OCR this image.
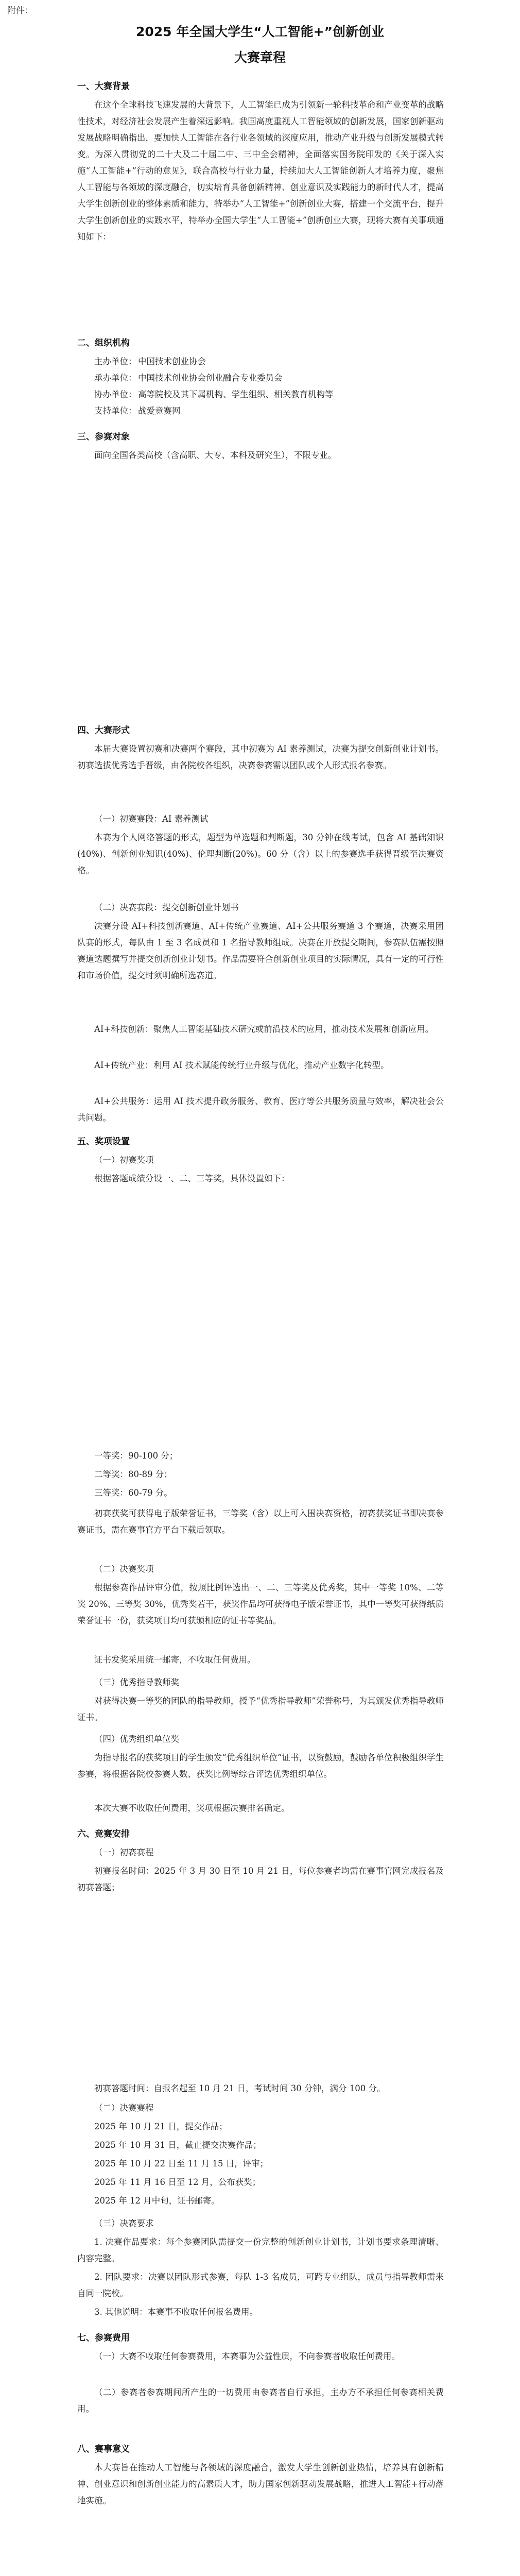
附件：
2025 年全国大学生“人工智能+”创新创业
大赛章程
一、大赛背景

在这个全球科技飞速发展的大背景下，人工智能已成为引领新一轮科技革命和产业变革的战略性技术，对经济社会发展产生着深远影响。我国高度重视人工智能领域的创新发展，国家创新驱动发展战略明确指出，要加快人工智能在各行业各领域的深度应用，推动产业升级与创新发展模式转变。为深入贯彻党的二十大及二十届二中、三中全会精神，全面落实国务院印发的《关于深入实施“人工智能+”行动的意见》，联合高校与行业力量，持续加大人工智能创新人才培养力度，聚焦人工智能与各领域的深度融合，切实培育具备创新精神、创业意识及实践能力的新时代人才，提高大学生创新创业的整体素质和能力，特举办“人工智能+”创新创业大赛，搭建一个交流平台，提升大学生创新创业的实践水平，特举办全国大学生“人工智能+”创新创业大赛，现将大赛有关事项通知如下：

二、组织机构
主办单位： 中国技术创业协会
承办单位： 中国技术创业协会创业融合专业委员会
协办单位： 高等院校及其下属机构、学生组织、相关教育机构等
支持单位： 战爱竞赛网
三、参赛对象

面向全国各类高校（含高职、大专、本科及研究生），不限专业。

四、大赛形式

本届大赛设置初赛和决赛两个赛段，其中初赛为 AI 素养测试，决赛为提交创新创业计划书。初赛选拔优秀选手晋级，由各院校各组织，决赛参赛需以团队或个人形式报名参赛。

（一）初赛赛段：AI 素养测试

本赛为个人网络答题的形式，题型为单选题和判断题，30 分钟在线考试，包含 AI 基础知识(40%)、创新创业知识(40%)、伦理判断(20%)。60 分（含）以上的参赛选手获得晋级至决赛资格。

（二）决赛赛段：提交创新创业计划书

决赛分设 AI+科技创新赛道、AI+传统产业赛道、AI+公共服务赛道 3 个赛道，决赛采用团队赛的形式，每队由 1 至 3 名成员和 1 名指导教师组成。决赛在开放提交期间，参赛队伍需按照赛道选题撰写并提交创新创业计划书。作品需要符合创新创业项目的实际情况，具有一定的可行性和市场价值，提交时须明确所选赛道。

AI+科技创新：聚焦人工智能基础技术研究或前沿技术的应用，推动技术发展和创新应用。

AI+传统产业：利用 AI 技术赋能传统行业升级与优化，推动产业数字化转型。

AI+公共服务：运用 AI 技术提升政务服务、教育、医疗等公共服务质量与效率，解决社会公共问题。

五、奖项设置
（一）初赛奖项

根据答题成绩分设一、二、三等奖，具体设置如下：

一等奖：90-100 分；
二等奖：80-89 分；
三等奖：60-79 分。

初赛获奖可获得电子版荣誉证书，三等奖（含）以上可入围决赛资格，初赛获奖证书即决赛参赛证书，需在赛事官方平台下载后领取。

（二）决赛奖项

根据参赛作品评审分值，按照比例评选出一、二、三等奖及优秀奖，其中一等奖 10%、二等奖 20%、三等奖 30%，优秀奖若干，获奖作品均可获得电子版荣誉证书，其中一等奖可获得纸质荣誉证书一份，获奖项目均可获颁相应的证书等奖品。

证书发奖采用统一邮寄，不收取任何费用。

（三）优秀指导教师奖

对获得决赛一等奖的团队的指导教师，授予“优秀指导教师”荣誉称号，为其颁发优秀指导教师证书。

（四）优秀组织单位奖

为指导报名的获奖项目的学生颁发“优秀组织单位”证书，以资鼓励，鼓励各单位积极组织学生参赛，将根据各院校参赛人数、获奖比例等综合评选优秀组织单位。

本次大赛不收取任何费用，奖项根据决赛排名确定。

六、竞赛安排
（一）初赛赛程

初赛报名时间：2025 年 3 月 30 日至 10 月 21 日，每位参赛者均需在赛事官网完成报名及初赛答题；

初赛答题时间：自报名起至 10 月 21 日，考试时间 30 分钟，满分 100 分。

（二）决赛赛程
2025 年 10 月 21 日，提交作品；
2025 年 10 月 31 日，截止提交决赛作品；
2025 年 10 月 22 日至 11 月 15 日，评审；
2025 年 11 月 16 日至 12 月，公布获奖；
2025 年 12 月中旬，证书邮寄。
（三）决赛要求

1. 决赛作品要求：每个参赛团队需提交一份完整的创新创业计划书，计划书要求条理清晰、内容完整。

2. 团队要求：决赛以团队形式参赛，每队 1-3 名成员，可跨专业组队，成员与指导教师需来自同一院校。

3. 其他说明：本赛事不收取任何报名费用。

七、参赛费用

（一）大赛不收取任何参赛费用，本赛事为公益性质，不向参赛者收取任何费用。

（二）参赛者参赛期间所产生的一切费用由参赛者自行承担，主办方不承担任何参赛相关费用。

八、赛事意义

本大赛旨在推动人工智能与各领域的深度融合，激发大学生创新创业热情，培养具有创新精神、创业意识和创新创业能力的高素质人才，助力国家创新驱动发展战略，推进人工智能+行动落地实施。
